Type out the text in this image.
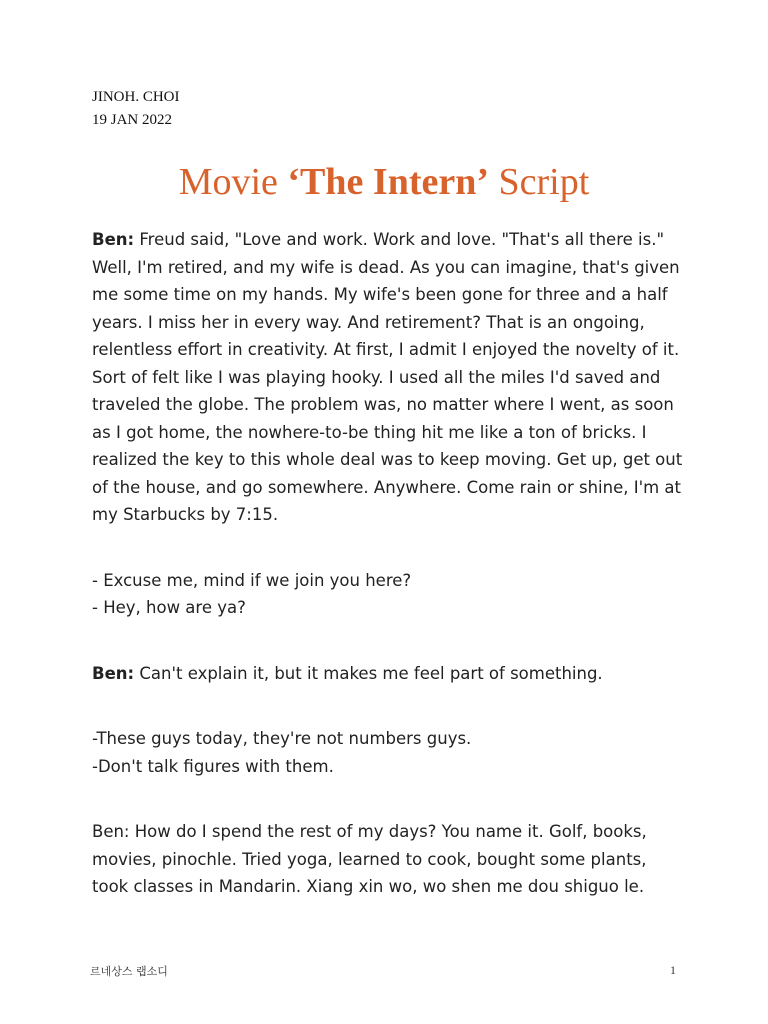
JINOH. CHOI
19 JAN 2022
Movie ‘The Intern’ Script
Ben: Freud said, "Love and work. Work and love. "That's all there is."
Well, I'm retired, and my wife is dead. As you can imagine, that's given
me some time on my hands. My wife's been gone for three and a half
years. I miss her in every way. And retirement? That is an ongoing,
relentless effort in creativity. At first, I admit I enjoyed the novelty of it.
Sort of felt like I was playing hooky. I used all the miles I'd saved and
traveled the globe. The problem was, no matter where I went, as soon
as I got home, the nowhere-to-be thing hit me like a ton of bricks. I
realized the key to this whole deal was to keep moving. Get up, get out
of the house, and go somewhere. Anywhere. Come rain or shine, I'm at
my Starbucks by 7:15.
- Excuse me, mind if we join you here?
- Hey, how are ya?
Ben: Can't explain it, but it makes me feel part of something.
-These guys today, they're not numbers guys.
-Don't talk figures with them.
Ben: How do I spend the rest of my days? You name it. Golf, books,
movies, pinochle. Tried yoga, learned to cook, bought some plants,
took classes in Mandarin. Xiang xin wo, wo shen me dou shiguo le.
르네상스 랩소디	1
